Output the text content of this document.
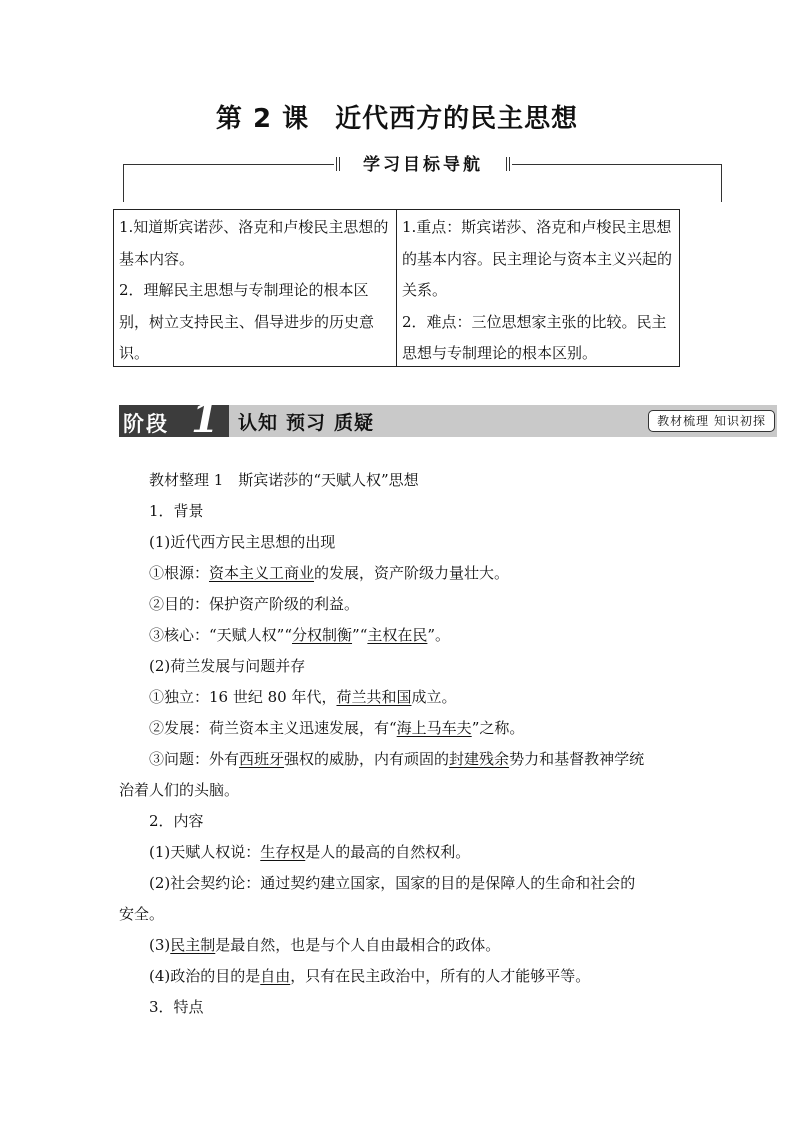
第 2 课 近代西方的民主思想
学习目标导航

1.知道斯宾诺莎、洛克和卢梭民主思想的基本内容。

2．理解民主思想与专制理论的根本区别，树立支持民主、倡导进步的历史意识。

1.重点：斯宾诺莎、洛克和卢梭民主思想的基本内容。民主理论与资本主义兴起的关系。

2．难点：三位思想家主张的比较。民主思想与专制理论的根本区别。

阶段 1 认知 预习 质疑	教材梳理 知识初探

教材整理 1　斯宾诺莎的“天赋人权”思想

1．背景

(1)近代西方民主思想的出现

①根源：资本主义工商业的发展，资产阶级力量壮大。

②目的：保护资产阶级的利益。

③核心：“天赋人权”“分权制衡”“主权在民”。

(2)荷兰发展与问题并存

①独立：16 世纪 80 年代，荷兰共和国成立。

②发展：荷兰资本主义迅速发展，有“海上马车夫”之称。

③问题：外有西班牙强权的威胁，内有顽固的封建残余势力和基督教神学统

治着人们的头脑。

2．内容

(1)天赋人权说：生存权是人的最高的自然权利。

(2)社会契约论：通过契约建立国家，国家的目的是保障人的生命和社会的

安全。

(3)民主制是最自然，也是与个人自由最相合的政体。

(4)政治的目的是自由，只有在民主政治中，所有的人才能够平等。

3．特点
